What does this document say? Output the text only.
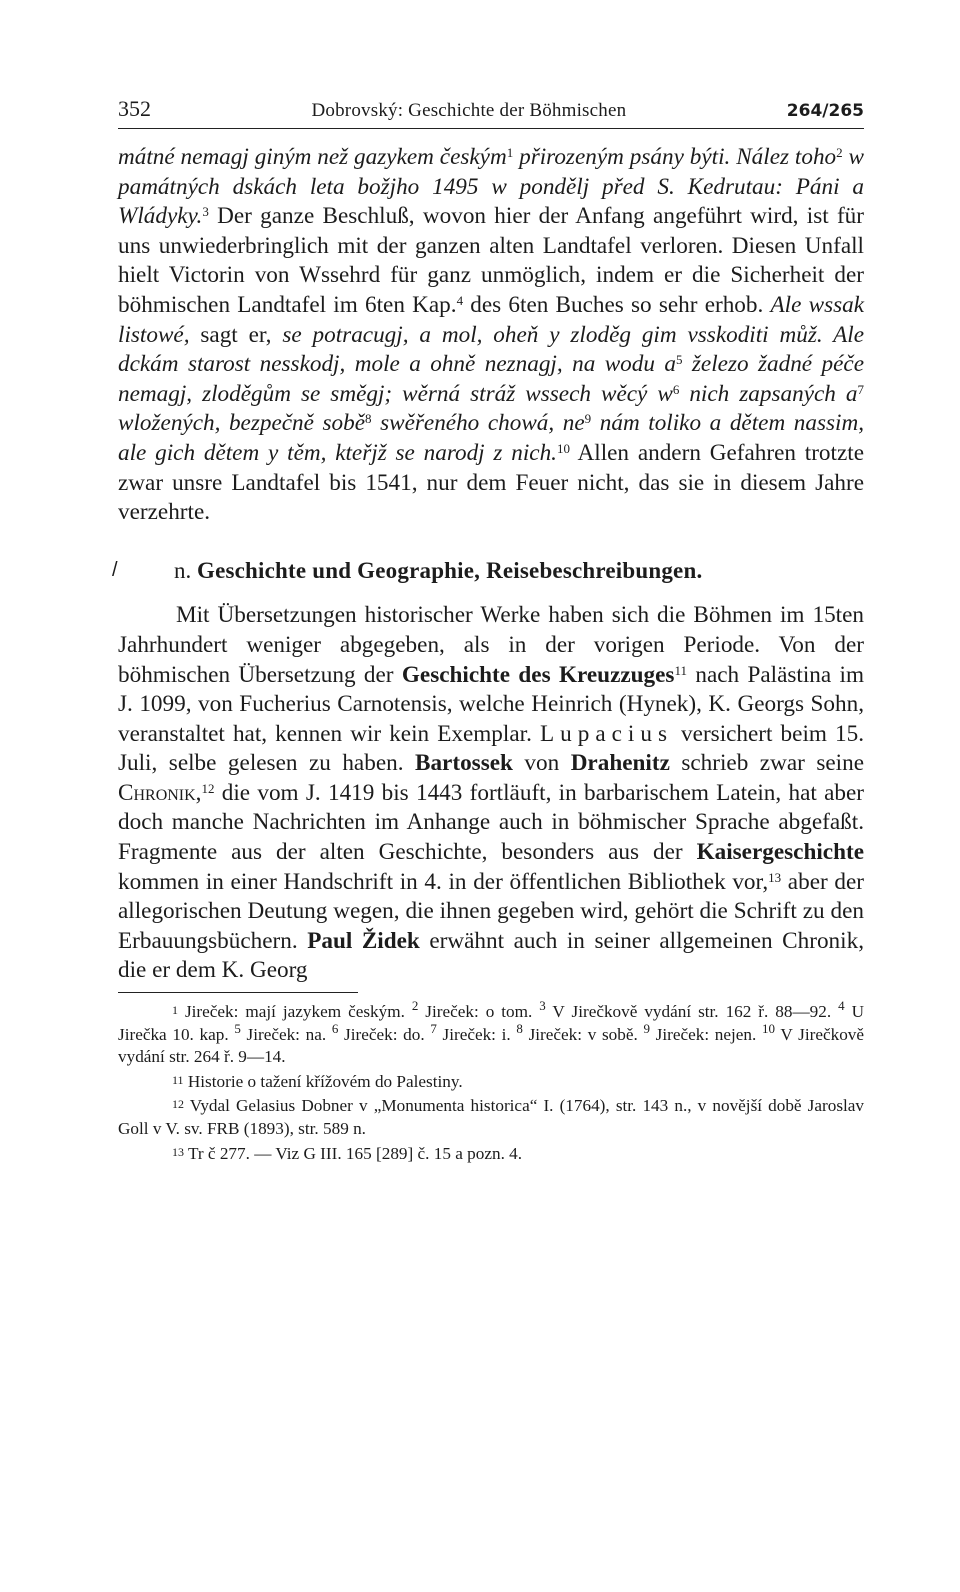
352	Dobrovský: Geschichte der Böhmischen	264/265

mátné nemagj giným než gazykem českým$^1$ přirozeným psány býti. Nález toho$^2$ w památných dskách leta božjho 1495 w pondělj před S. Kedrutau: Páni a Wládyky.$^3$ Der ganze Beschluß, wovon hier der Anfang angeführt wird, ist für uns unwiederbringlich mit der ganzen alten Landtafel verloren. Diesen Unfall hielt Victorin von Wssehrd für ganz unmöglich, indem er die Sicherheit der böhmischen Landtafel im 6ten Kap.$^4$ des 6ten Buches so sehr erhob. Ale wssak listowé, sagt er, se potracugj, a mol, oheň y zloděg gim vsskoditi můž. Ale dckám starost nesskodj, mole a ohně neznagj, na wodu $a^5$ železo žadné péče nemagj, zloděgům se směgj; wěrná stráž wssech wěcý $w^6$ nich zapsaných $a^7$ wložených, bezpečně sobě$^8$ swěřeného chowá, $ne^9$ nám toliko a dětem nassim, ale gich dětem y těm, kteřjž se narodj z nich.$^{10}$ Allen andern Gefahren trotzte zwar unsre Landtafel bis 1541, nur dem Feuer nicht, das sie in diesem Jahre verzehrte.

/ n. Geschichte und Geographie, Reisebeschreibungen.

Mit Übersetzungen historischer Werke haben sich die Böhmen im 15ten Jahrhundert weniger abgegeben, als in der vorigen Periode. Von der böhmischen Übersetzung der Geschichte des Kreuzzuges$^{11}$ nach Palästina im J. 1099, von Fucherius Carnotensis, welche Heinrich (Hynek), K. Georgs Sohn, veranstaltet hat, kennen wir kein Exemplar. Lupacius versichert beim 15. Juli, selbe gelesen zu haben. Bartossek von Drahenitz schrieb zwar seine Chronik,$^{12}$ die vom J. 1419 bis 1443 fortläuft, in barbarischem Latein, hat aber doch manche Nachrichten im Anhange auch in böhmischer Sprache abgefaßt. Fragmente aus der alten Geschichte, besonders aus der Kaisergeschichte kommen in einer Handschrift in 4. in der öffentlichen Bibliothek vor,$^{13}$ aber der allegorischen Deutung wegen, die ihnen gegeben wird, gehört die Schrift zu den Erbauungsbüchern. Paul Židek erwähnt auch in seiner allgemeinen Chronik, die er dem K. Georg

1 Jireček: mají jazykem českým. $^2$ Jireček: o tom. $^3$ V Jirečkově vydání str. 162 ř. 88—92. $^4$ U Jirečka 10. kap. $^5$ Jireček: na. $^6$ Jireček: do. $^7$ Jireček: i. $^8$ Jireček: v sobě. $^9$ Jireček: nejen. $^{10}$ V Jirečkově vydání str. 264 ř. 9—14.

11 Historie o tažení křížovém do Palestiny.

12 Vydal Gelasius Dobner v „Monumenta historica“ I. (1764), str. 143 n., v novější době Jaroslav Goll v V. sv. FRB (1893), str. 589 n.

13 Tr č 277. — Viz G III. 165 [289] č. 15 a pozn. 4.
